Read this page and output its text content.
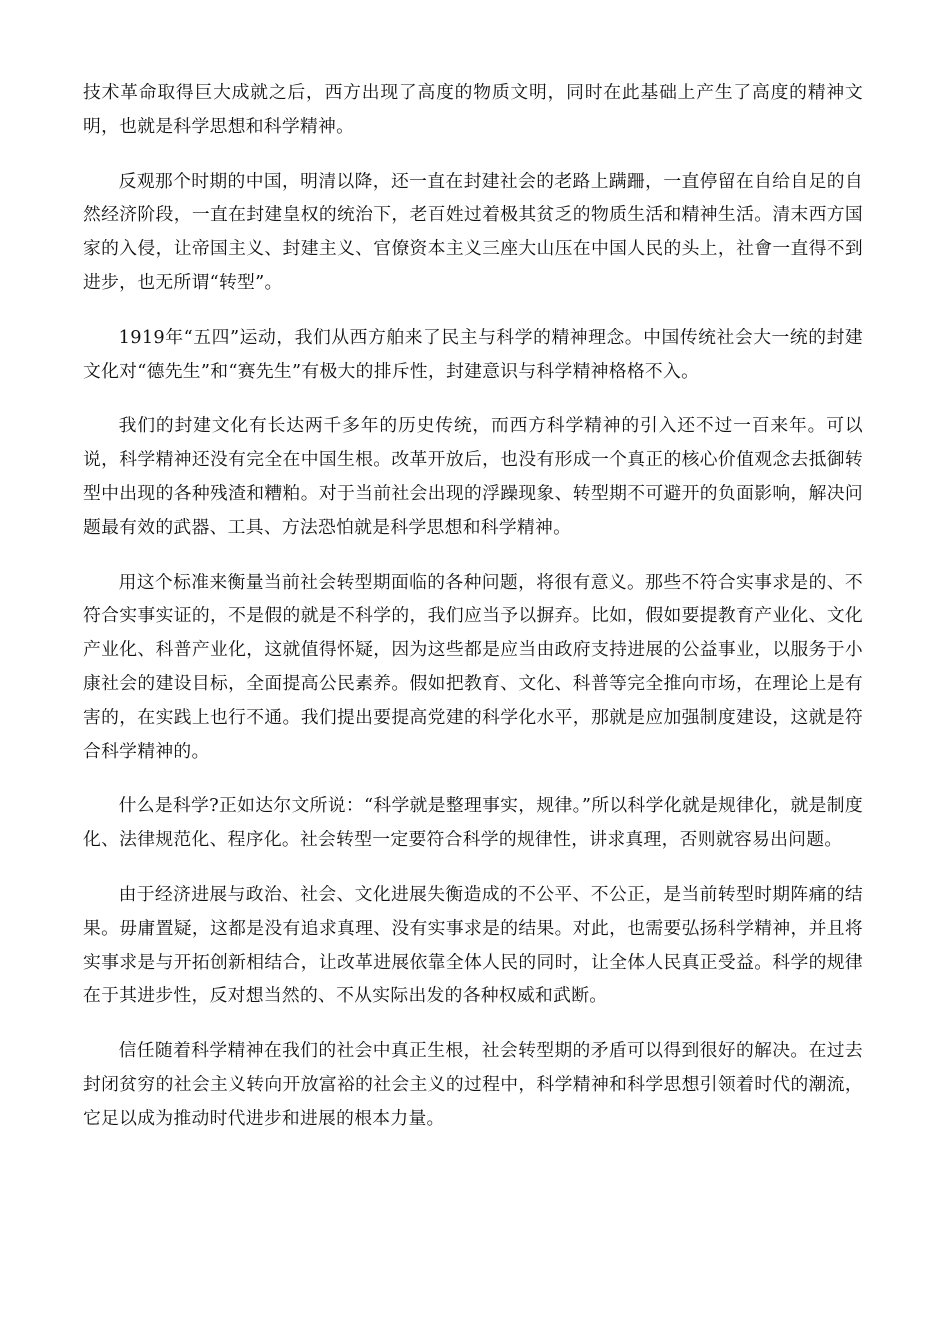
技术革命取得巨大成就之后，西方出现了高度的物质文明，同时在此基础上产生了高度的精神文明，也就是科学思想和科学精神。

反观那个时期的中国，明清以降，还一直在封建社会的老路上蹒跚，一直停留在自给自足的自然经济阶段，一直在封建皇权的统治下，老百姓过着极其贫乏的物质生活和精神生活。清末西方国家的入侵，让帝国主义、封建主义、官僚资本主义三座大山压在中国人民的头上，社會一直得不到进步，也无所谓“转型”。

1919年“五四”运动，我们从西方舶来了民主与科学的精神理念。中国传统社会大一统的封建文化对“德先生”和“赛先生”有极大的排斥性，封建意识与科学精神格格不入。

我们的封建文化有长达两千多年的历史传统，而西方科学精神的引入还不过一百来年。可以说，科学精神还没有完全在中国生根。改革开放后，也没有形成一个真正的核心价值观念去抵御转型中出现的各种残渣和糟粕。对于当前社会出现的浮躁现象、转型期不可避开的负面影响，解决问题最有效的武器、工具、方法恐怕就是科学思想和科学精神。

用这个标准来衡量当前社会转型期面临的各种问题，将很有意义。那些不符合实事求是的、不符合实事实证的，不是假的就是不科学的，我们应当予以摒弃。比如，假如要提教育产业化、文化产业化、科普产业化，这就值得怀疑，因为这些都是应当由政府支持进展的公益事业，以服务于小康社会的建设目标，全面提高公民素养。假如把教育、文化、科普等完全推向市场，在理论上是有害的，在实践上也行不通。我们提出要提高党建的科学化水平，那就是应加强制度建设，这就是符合科学精神的。

什么是科学?正如达尔文所说：“科学就是整理事实，规律。”所以科学化就是规律化，就是制度化、法律规范化、程序化。社会转型一定要符合科学的规律性，讲求真理，否则就容易出问题。

由于经济进展与政治、社会、文化进展失衡造成的不公平、不公正，是当前转型时期阵痛的结果。毋庸置疑，这都是没有追求真理、没有实事求是的结果。对此，也需要弘扬科学精神，并且将实事求是与开拓创新相结合，让改革进展依靠全体人民的同时，让全体人民真正受益。科学的规律在于其进步性，反对想当然的、不从实际出发的各种权威和武断。

信任随着科学精神在我们的社会中真正生根，社会转型期的矛盾可以得到很好的解决。在过去封闭贫穷的社会主义转向开放富裕的社会主义的过程中，科学精神和科学思想引领着时代的潮流，它足以成为推动时代进步和进展的根本力量。
